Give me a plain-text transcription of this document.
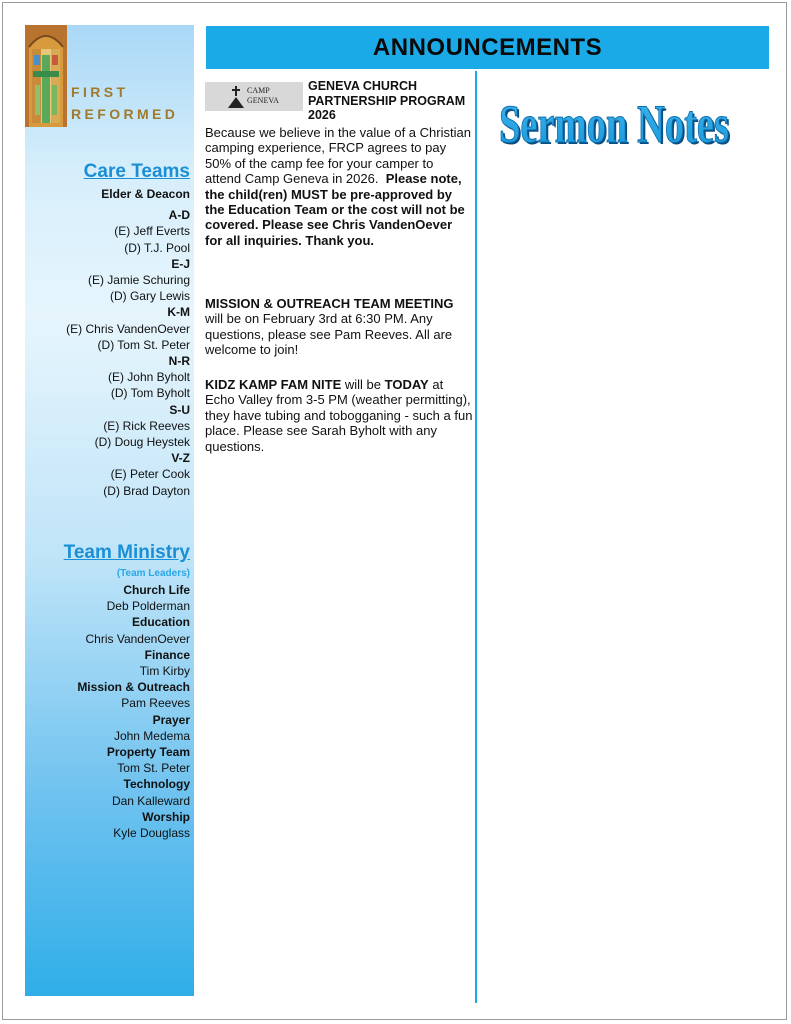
FIRST
REFORMED
Care Teams
Elder & Deacon
A-D
(E) Jeff Everts
(D) T.J. Pool
E-J
(E) Jamie Schuring
(D) Gary Lewis
K-M
(E) Chris VandenOever
(D) Tom St. Peter
N-R
(E) John Byholt
(D) Tom Byholt
S-U
(E) Rick Reeves
(D) Doug Heystek
V-Z
(E) Peter Cook
(D) Brad Dayton
Team Ministry
(Team Leaders)
Church Life
Deb Polderman
Education
Chris VandenOever
Finance
Tim Kirby
Mission & Outreach
Pam Reeves
Prayer
John Medema
Property Team
Tom St. Peter
Technology
Dan Kalleward
Worship
Kyle Douglass
ANNOUNCEMENTS
CAMP
GENEVA
GENEVA CHURCH PARTNERSHIP PROGRAM 2026
Because we believe in the value of a Christian camping experience, FRCP agrees to pay 50% of the camp fee for your camper to attend Camp Geneva in 2026. Please note, the child(ren) MUST be pre-approved by the Education Team or the cost will not be covered. Please see Chris VandenOever for all inquiries. Thank you.
MISSION & OUTREACH TEAM MEETING will be on February 3rd at 6:30 PM. Any questions, please see Pam Reeves. All are welcome to join!
KIDZ KAMP FAM NITE will be TODAY at Echo Valley from 3-5 PM (weather permitting), they have tubing and tobogganing - such a fun place. Please see Sarah Byholt with any questions.
Sermon Notes
Sermon Notes
